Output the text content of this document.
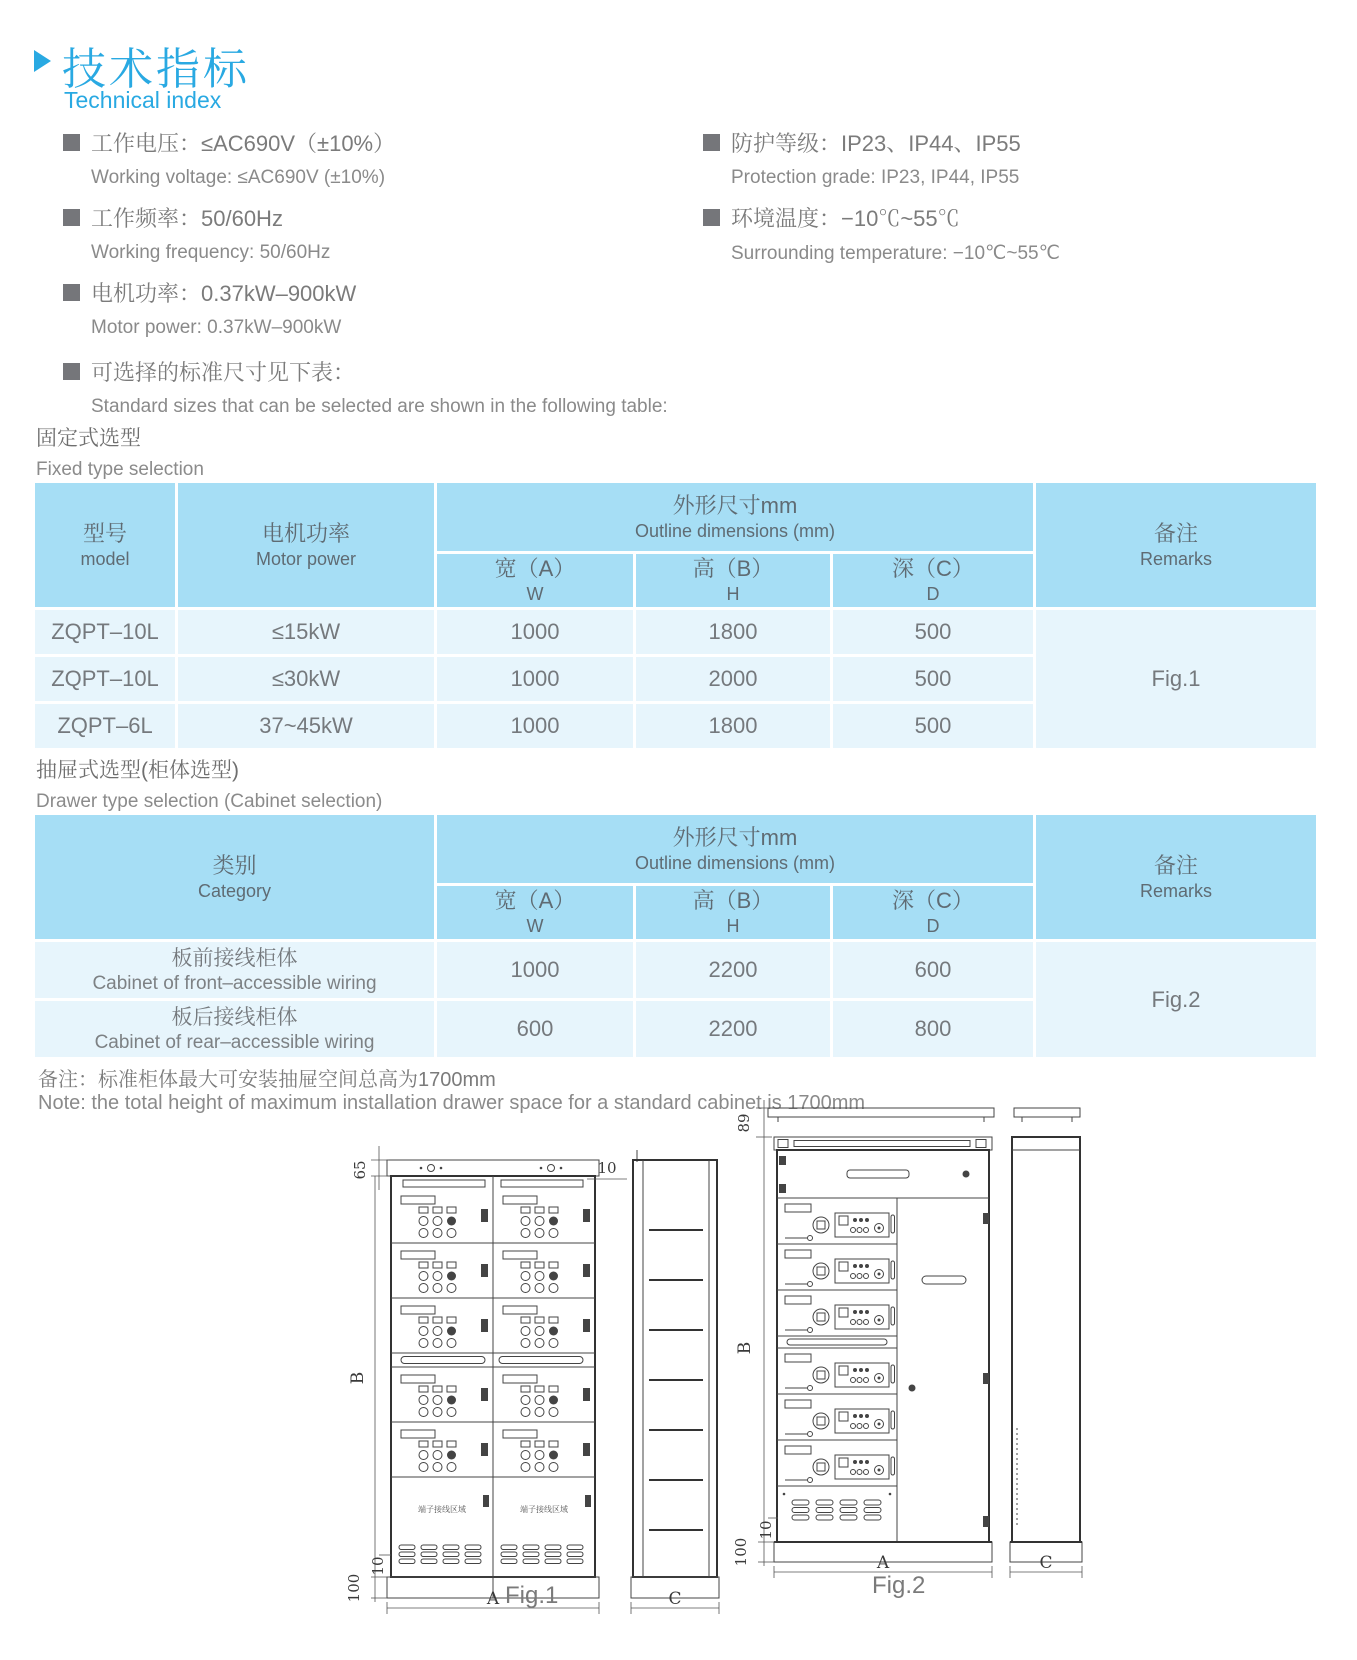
技术指标
Technical index
工作电压：≤AC690V（±10%）
Working voltage: ≤AC690V (±10%)
工作频率：50/60Hz
Working frequency: 50/60Hz
电机功率：0.37kW–900kW
Motor power: 0.37kW–900kW
可选择的标准尺寸见下表：
Standard sizes that can be selected are shown in the following table:
防护等级：IP23、IP44、IP55
Protection grade: IP23, IP44, IP55
环境温度：−10℃~55℃
Surrounding temperature: −10℃~55℃
固定式选型
Fixed type selection
型号
model

电机功率
Motor power

外形尺寸mm
Outline dimensions (mm)	备注
Remarks

宽（A）
W

高（B）
H

深（C）
D

ZQPT–10L	≤15kW	1000	1800	500	Fig.1
ZQPT–10L	≤30kW	1000	2000	500	
ZQPT–6L	37~45kW	1000	1800	500	
抽屉式选型(柜体选型)
Drawer type selection (Cabinet selection)
类别
Category

外形尺寸mm
Outline dimensions (mm)	备注
Remarks

宽（A）
W

高（B）
H

深（C）
D

板前接线柜体
Cabinet of front–accessible wiring	1000	2200	600	Fig.2

板后接线柜体
Cabinet of rear–accessible wiring	600	2200	800	
备注：标准柜体最大可安装抽屉空间总高为1700mm
Note: the total height of maximum installation drawer space for a standard cabinet is 1700mm
端子接线区域	端子接线区域
65	10
B
10
100	A	C
Fig.1
89
B
10
100	A	C
Fig.2
